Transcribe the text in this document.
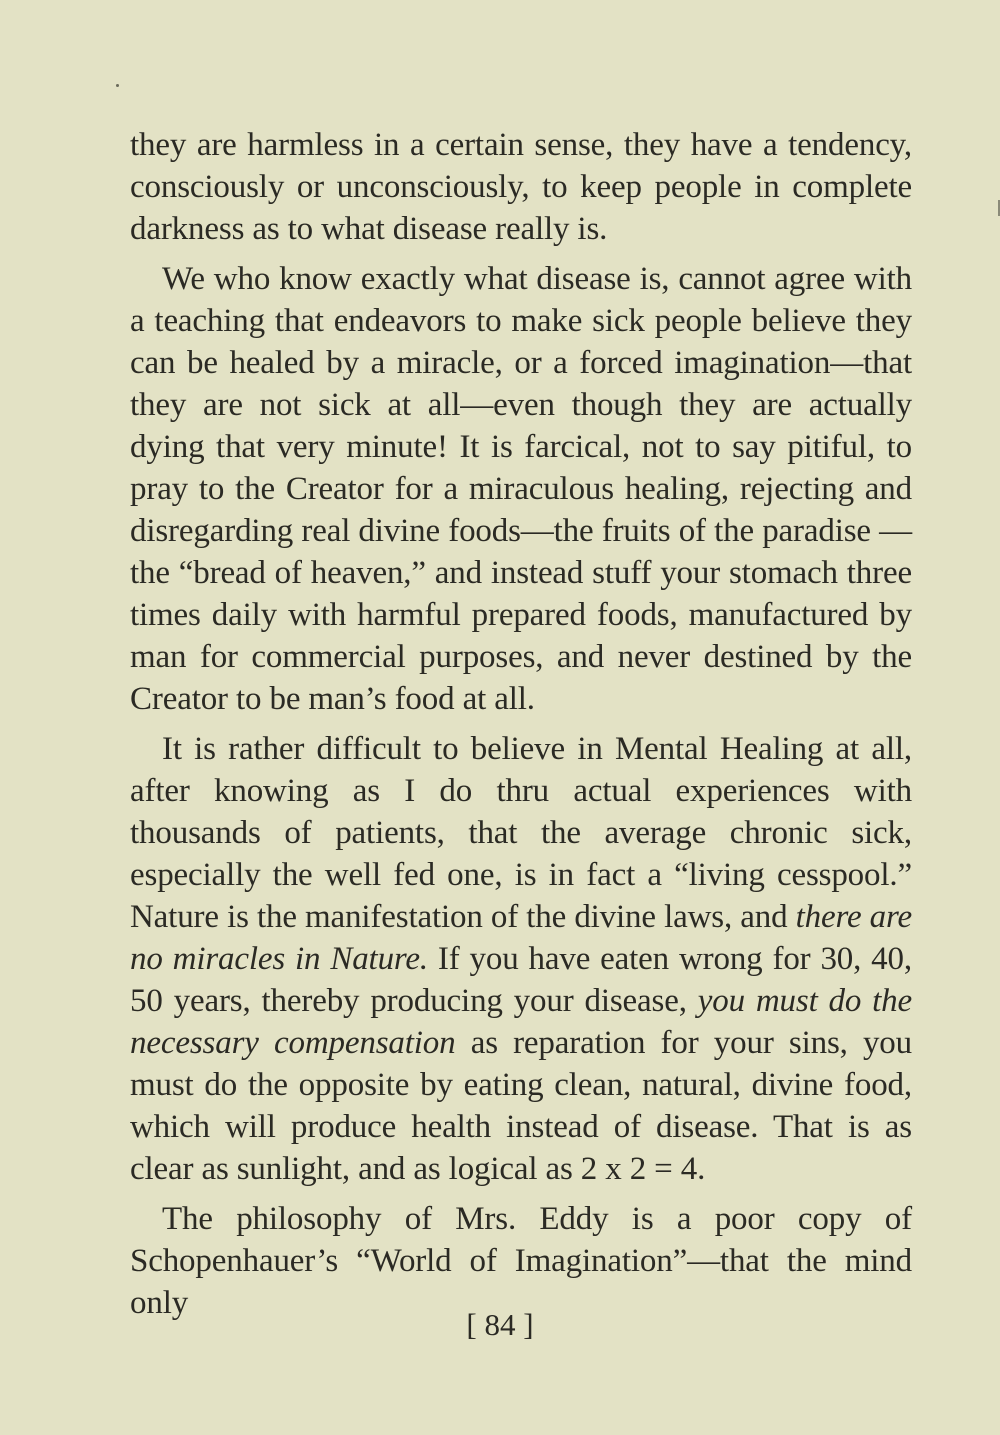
they are harmless in a certain sense, they have a tendency, consciously or unconsciously, to keep people in complete darkness as to what disease really is.

We who know exactly what disease is, cannot agree with a teaching that endeavors to make sick people believe they can be healed by a miracle, or a forced imagination—that they are not sick at all—even though they are actually dying that very minute! It is farcical, not to say pitiful, to pray to the Creator for a miraculous healing, rejecting and disregarding real divine foods—the fruits of the paradise —the “bread of heaven,” and instead stuff your stomach three times daily with harmful prepared foods, manufactured by man for commercial purposes, and never destined by the Creator to be man’s food at all.

It is rather difficult to believe in Mental Healing at all, after knowing as I do thru actual experiences with thousands of patients, that the average chronic sick, especially the well fed one, is in fact a “living cesspool.” Nature is the manifestation of the divine laws, and there are no miracles in Nature. If you have eaten wrong for 30, 40, 50 years, thereby producing your disease, you must do the necessary compensation as reparation for your sins, you must do the opposite by eating clean, natural, divine food, which will produce health instead of disease. That is as clear as sunlight, and as logical as 2 x 2 = 4.

The philosophy of Mrs. Eddy is a poor copy of Schopenhauer’s “World of Imagination”—that the mind only

[ 84 ]
